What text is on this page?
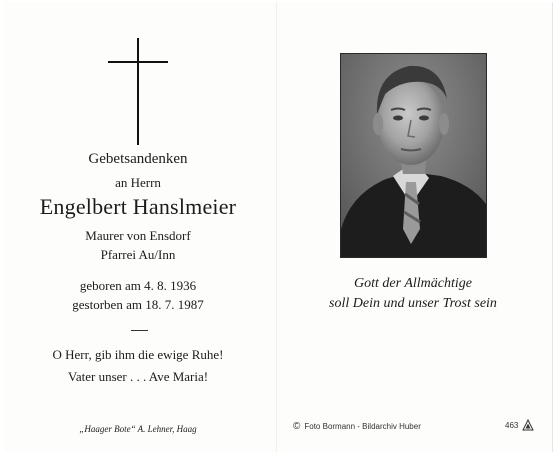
Gebetsandenken
an Herrn
Engelbert Hanslmeier
Maurer von Ensdorf
Pfarrei Au/Inn
geboren am 4. 8. 1936
gestorben am 18. 7. 1987
O Herr, gib ihm die ewige Ruhe!
Vater unser . . . Ave Maria!
„Haager Bote“ A. Lehner, Haag
Gott der Allmächtige
soll Dein und unser Trost sein
© Foto Bormann - Bildarchiv Huber	463
